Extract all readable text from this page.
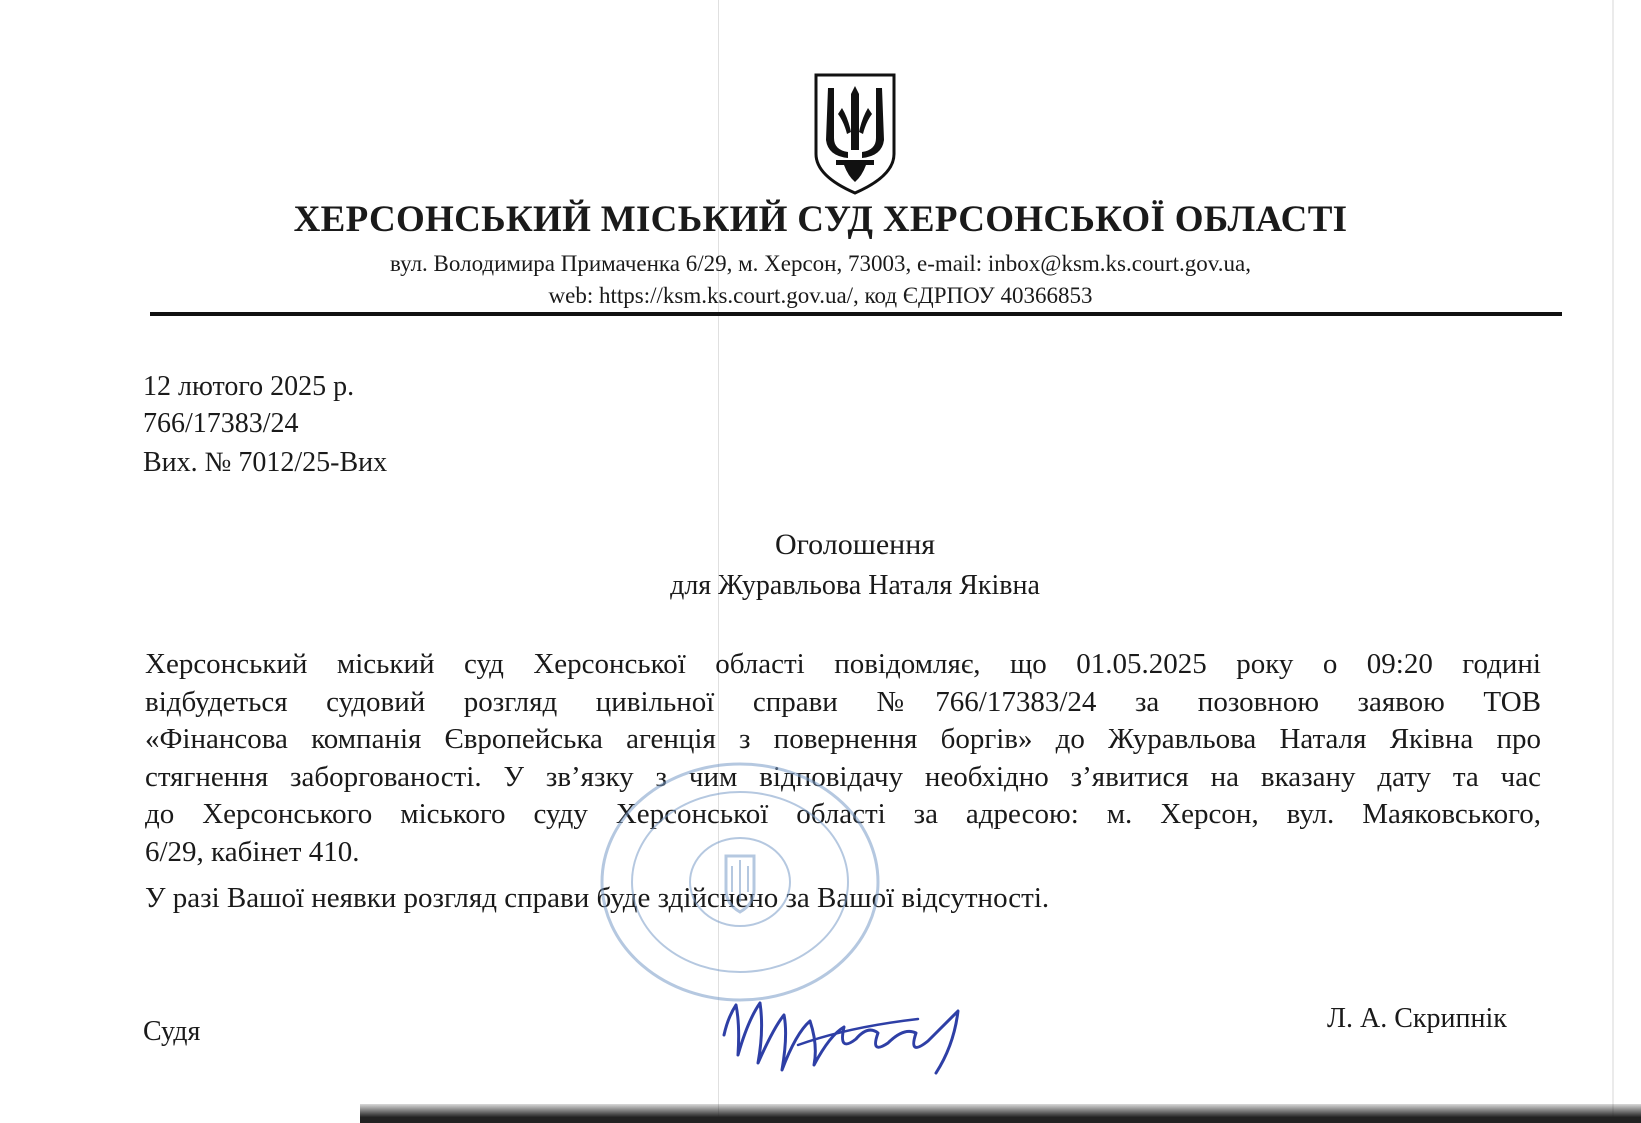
ХЕРСОНСЬКИЙ МІСЬКИЙ СУД ХЕРСОНСЬКОЇ ОБЛАСТІ
вул. Володимира Примаченка 6/29, м. Херсон, 73003, e-mail: inbox@ksm.ks.court.gov.ua,
web: https://ksm.ks.court.gov.ua/, код ЄДРПОУ 40366853
12 лютого 2025 р.
766/17383/24
Вих. № 7012/25-Вих
Оголошення
для Журавльова Наталя Яківна
Херсонський міський суд Херсонської області повідомляє, що 01.05.2025 року о 09:20 годині
відбудеться судовий розгляд цивільної справи №766/17383/24 за позовною заявою ТОВ
«Фінансова компанія Європейська агенція з повернення боргів» до Журавльова Наталя Яківна про
стягнення заборгованості. У зв’язку з чим відповідачу необхідно з’явитися на вказану дату та час
до Херсонського міського суду Херсонської області за адресою: м. Херсон, вул. Маяковського,
6/29, кабінет 410.
У разі Вашої неявки розгляд справи буде здійснено за Вашої відсутності.
Судя	Л. А. Скрипнік
